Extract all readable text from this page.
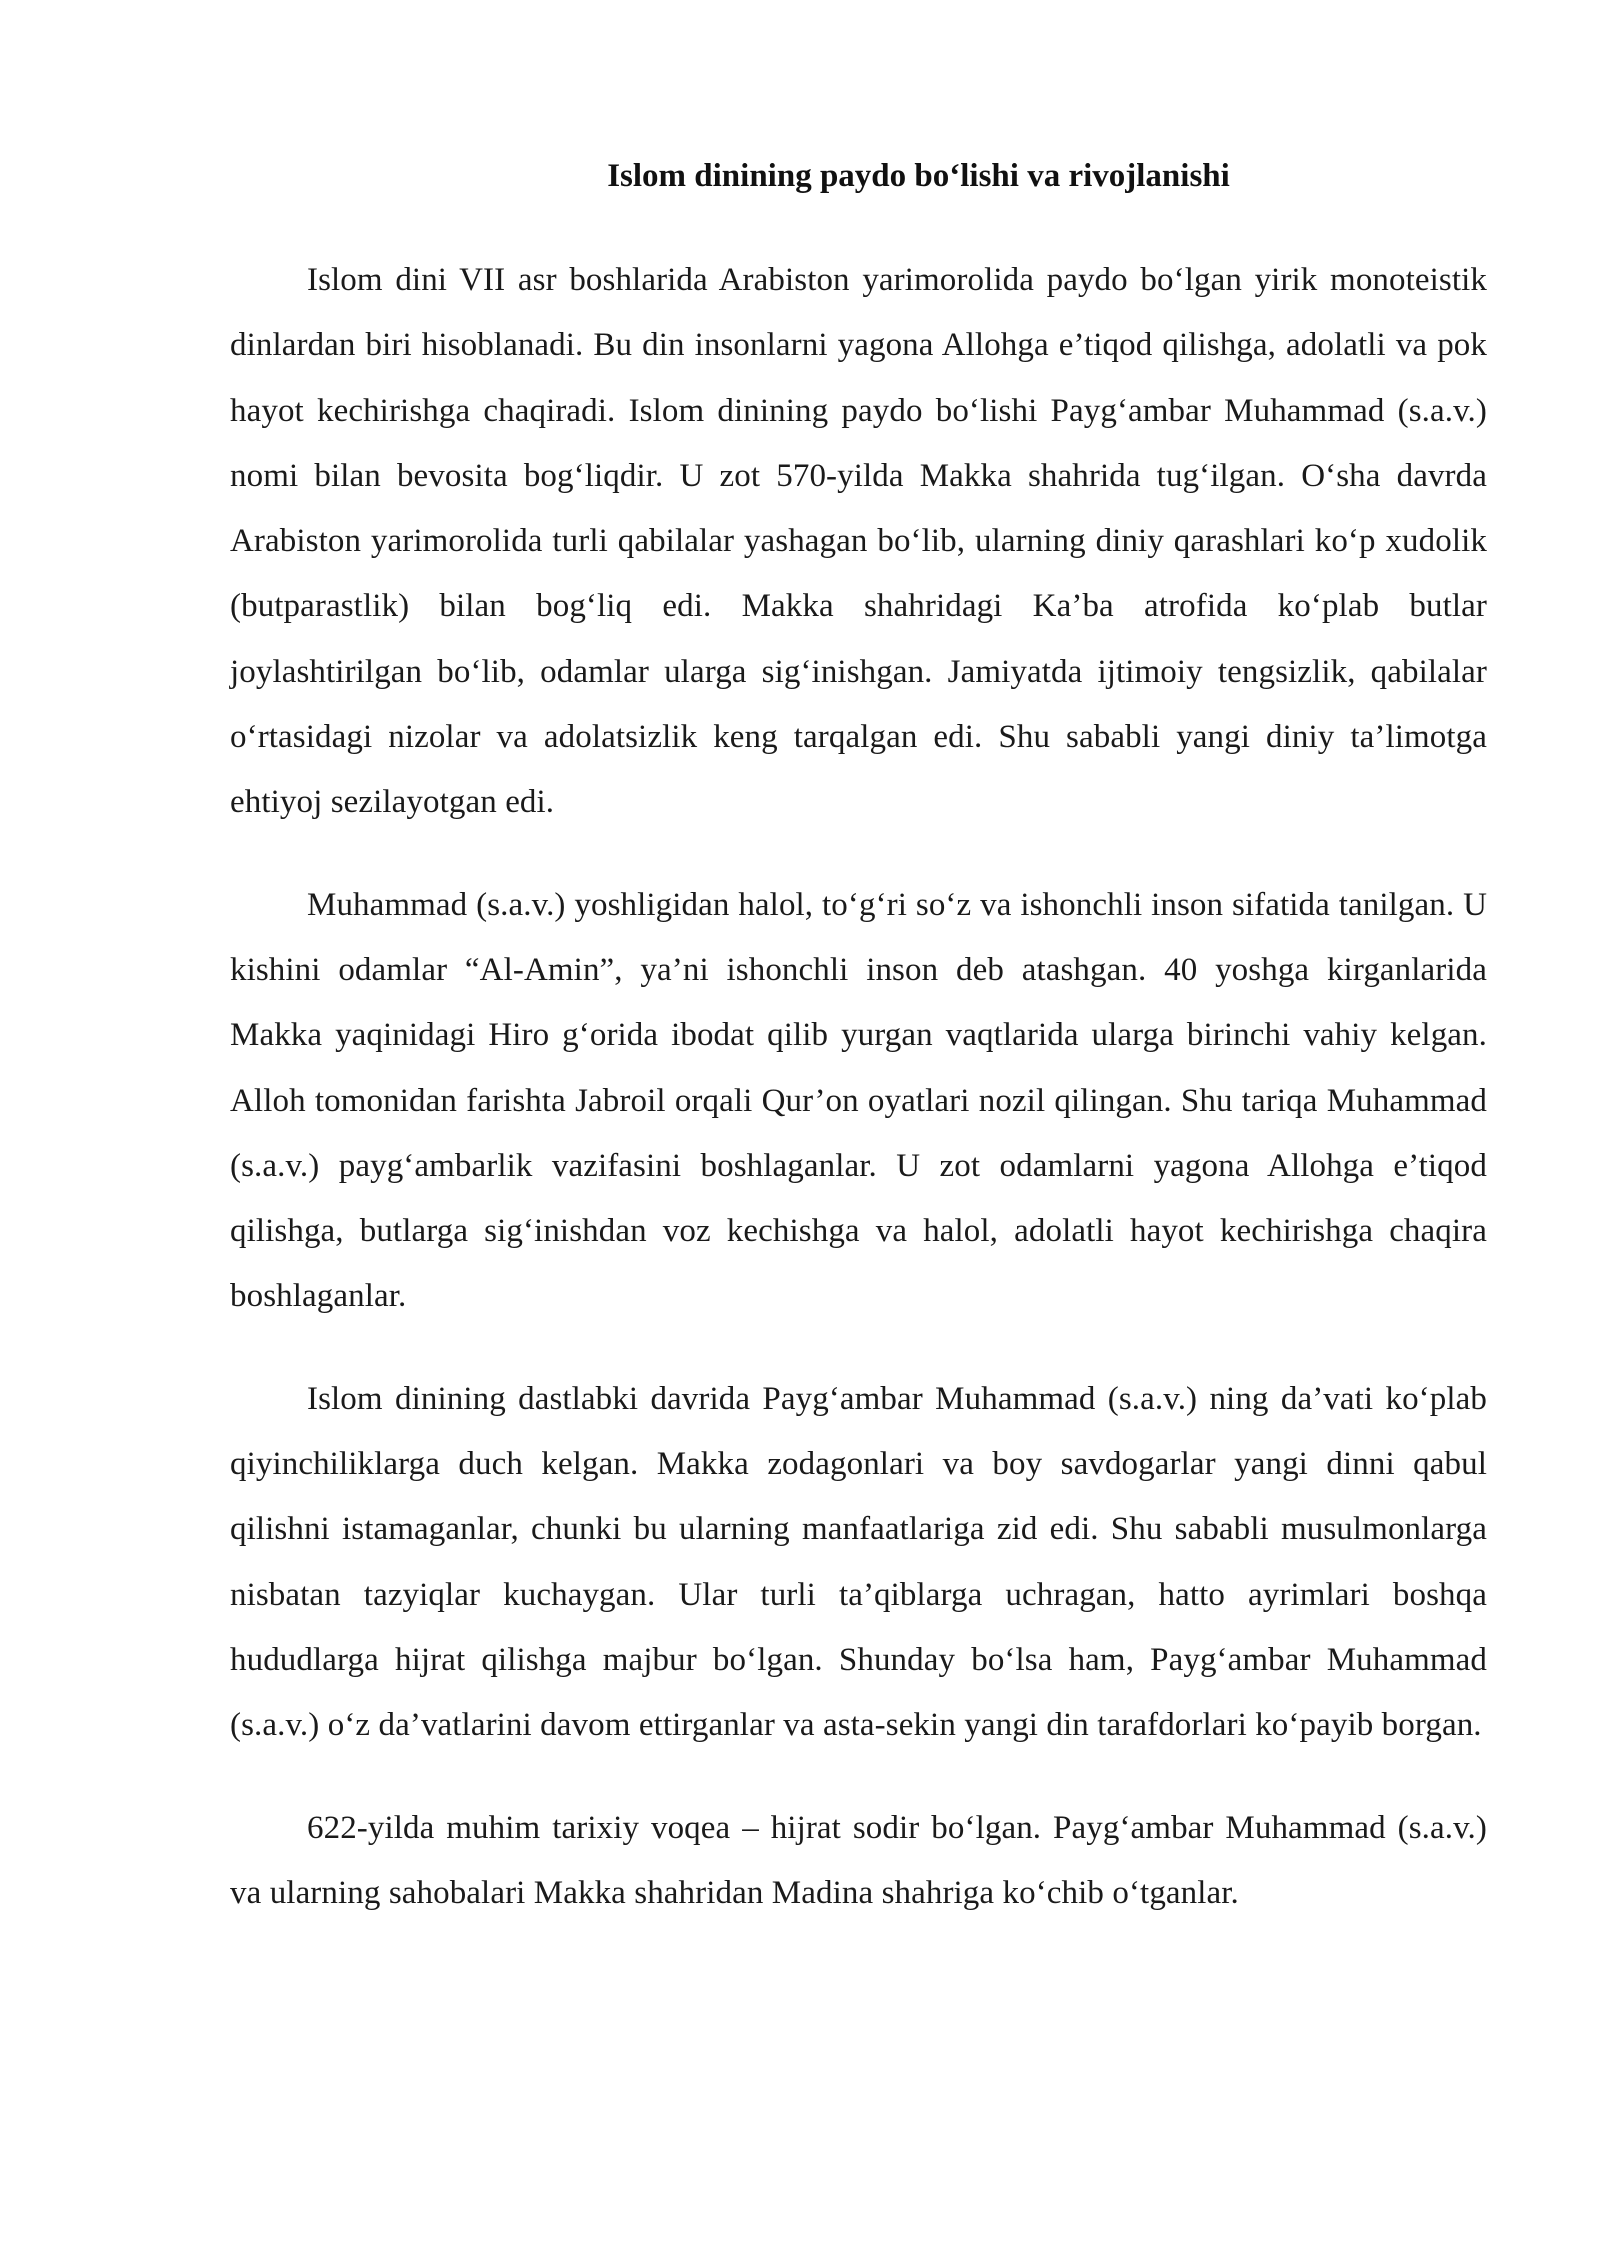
Islom dinining paydo bo‘lishi va rivojlanishi

Islom dini VII asr boshlarida Arabiston yarimorolida paydo bo‘lgan yirik monoteistik dinlardan biri hisoblanadi. Bu din insonlarni yagona Allohga e’tiqod qilishga, adolatli va pok hayot kechirishga chaqiradi. Islom dinining paydo bo‘lishi Payg‘ambar Muhammad (s.a.v.) nomi bilan bevosita bog‘liqdir. U zot 570-yilda Makka shahrida tug‘ilgan. O‘sha davrda Arabiston yarimorolida turli qabilalar yashagan bo‘lib, ularning diniy qarashlari ko‘p xudolik (butparastlik) bilan bog‘liq edi. Makka shahridagi Ka’ba atrofida ko‘plab butlar joylashtirilgan bo‘lib, odamlar ularga sig‘inishgan. Jamiyatda ijtimoiy tengsizlik, qabilalar o‘rtasidagi nizolar va adolatsizlik keng tarqalgan edi. Shu sababli yangi diniy ta’limotga ehtiyoj sezilayotgan edi.

Muhammad (s.a.v.) yoshligidan halol, to‘g‘ri so‘z va ishonchli inson sifatida tanilgan. U kishini odamlar “Al-Amin”, ya’ni ishonchli inson deb atashgan. 40 yoshga kirganlarida Makka yaqinidagi Hiro g‘orida ibodat qilib yurgan vaqtlarida ularga birinchi vahiy kelgan. Alloh tomonidan farishta Jabroil orqali Qur’on oyatlari nozil qilingan. Shu tariqa Muhammad (s.a.v.) payg‘ambarlik vazifasini boshlaganlar. U zot odamlarni yagona Allohga e’tiqod qilishga, butlarga sig‘inishdan voz kechishga va halol, adolatli hayot kechirishga chaqira boshlaganlar.

Islom dinining dastlabki davrida Payg‘ambar Muhammad (s.a.v.) ning da’vati ko‘plab qiyinchiliklarga duch kelgan. Makka zodagonlari va boy savdogarlar yangi dinni qabul qilishni istamaganlar, chunki bu ularning manfaatlariga zid edi. Shu sababli musulmonlarga nisbatan tazyiqlar kuchaygan. Ular turli ta’qiblarga uchragan, hatto ayrimlari boshqa hududlarga hijrat qilishga majbur bo‘lgan. Shunday bo‘lsa ham, Payg‘ambar Muhammad (s.a.v.) o‘z da’vatlarini davom ettirganlar va asta-sekin yangi din tarafdorlari ko‘payib borgan.

622-yilda muhim tarixiy voqea – hijrat sodir bo‘lgan. Payg‘ambar Muhammad (s.a.v.) va ularning sahobalari Makka shahridan Madina shahriga ko‘chib o‘tganlar.
